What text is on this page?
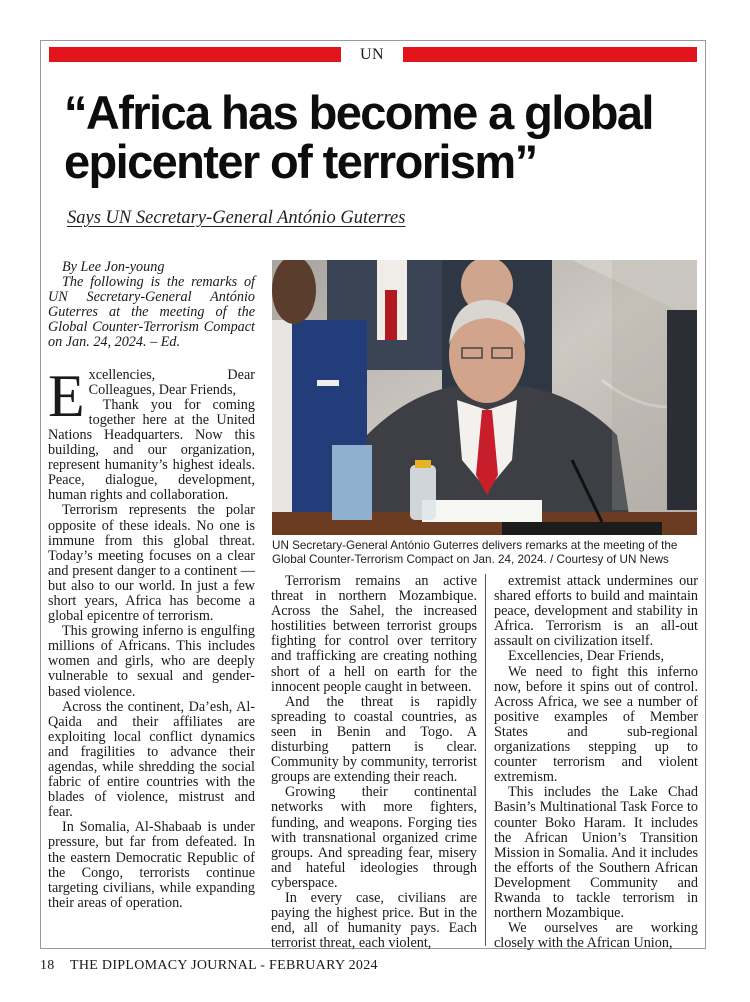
UN
“Africa has become a global epicenter of terrorism”
Says UN Secretary-General António Guterres

By Lee Jon-young

The following is the remarks of UN Secretary-General António Guterres at the meeting of the Global Counter-Terrorism Compact on Jan. 24, 2024. – Ed.

Excellencies, Dear Colleagues, Dear Friends,

Thank you for coming together here at the United Nations Headquarters. Now this building, and our organization, represent humanity’s highest ideals. Peace, dialogue, development, human rights and collaboration.

Terrorism represents the polar opposite of these ideals. No one is immune from this global threat. Today’s meeting focuses on a clear and present danger to a continent — but also to our world. In just a few short years, Africa has become a global epicentre of terrorism.

This growing inferno is engulfing millions of Africans. This includes women and girls, who are deeply vulnerable to sexual and gender-based violence.

Across the continent, Da’esh, Al-Qaida and their affiliates are exploiting local conflict dynamics and fragilities to advance their agendas, while shredding the social fabric of entire countries with the blades of violence, mistrust and fear.

In Somalia, Al-Shabaab is under pressure, but far from defeated. In the eastern Democratic Republic of the Congo, terrorists continue targeting civilians, while expanding their areas of operation.

UN Secretary-General António Guterres delivers remarks at the meeting of the Global Counter-Terrorism Compact on Jan. 24, 2024. / Courtesy of UN News

Terrorism remains an active threat in northern Mozambique. Across the Sahel, the increased hostilities between terrorist groups fighting for control over territory and trafficking are creating nothing short of a hell on earth for the innocent people caught in between.

And the threat is rapidly spreading to coastal countries, as seen in Benin and Togo. A disturbing pattern is clear. Community by community, terrorist groups are extending their reach.

Growing their continental networks with more fighters, funding, and weapons. Forging ties with transnational organized crime groups. And spreading fear, misery and hateful ideologies through cyberspace.

In every case, civilians are paying the highest price. But in the end, all of humanity pays. Each terrorist threat, each violent,

extremist attack undermines our shared efforts to build and maintain peace, development and stability in Africa. Terrorism is an all-out assault on civilization itself.

Excellencies, Dear Friends,

We need to fight this inferno now, before it spins out of control. Across Africa, we see a number of positive examples of Member States and sub-regional organizations stepping up to counter terrorism and violent extremism.

This includes the Lake Chad Basin’s Multinational Task Force to counter Boko Haram. It includes the African Union’s Transition Mission in Somalia. And it includes the efforts of the Southern African Development Community and Rwanda to tackle terrorism in northern Mozambique.

We ourselves are working closely with the African Union,

18 THE DIPLOMACY JOURNAL - FEBRUARY 2024
